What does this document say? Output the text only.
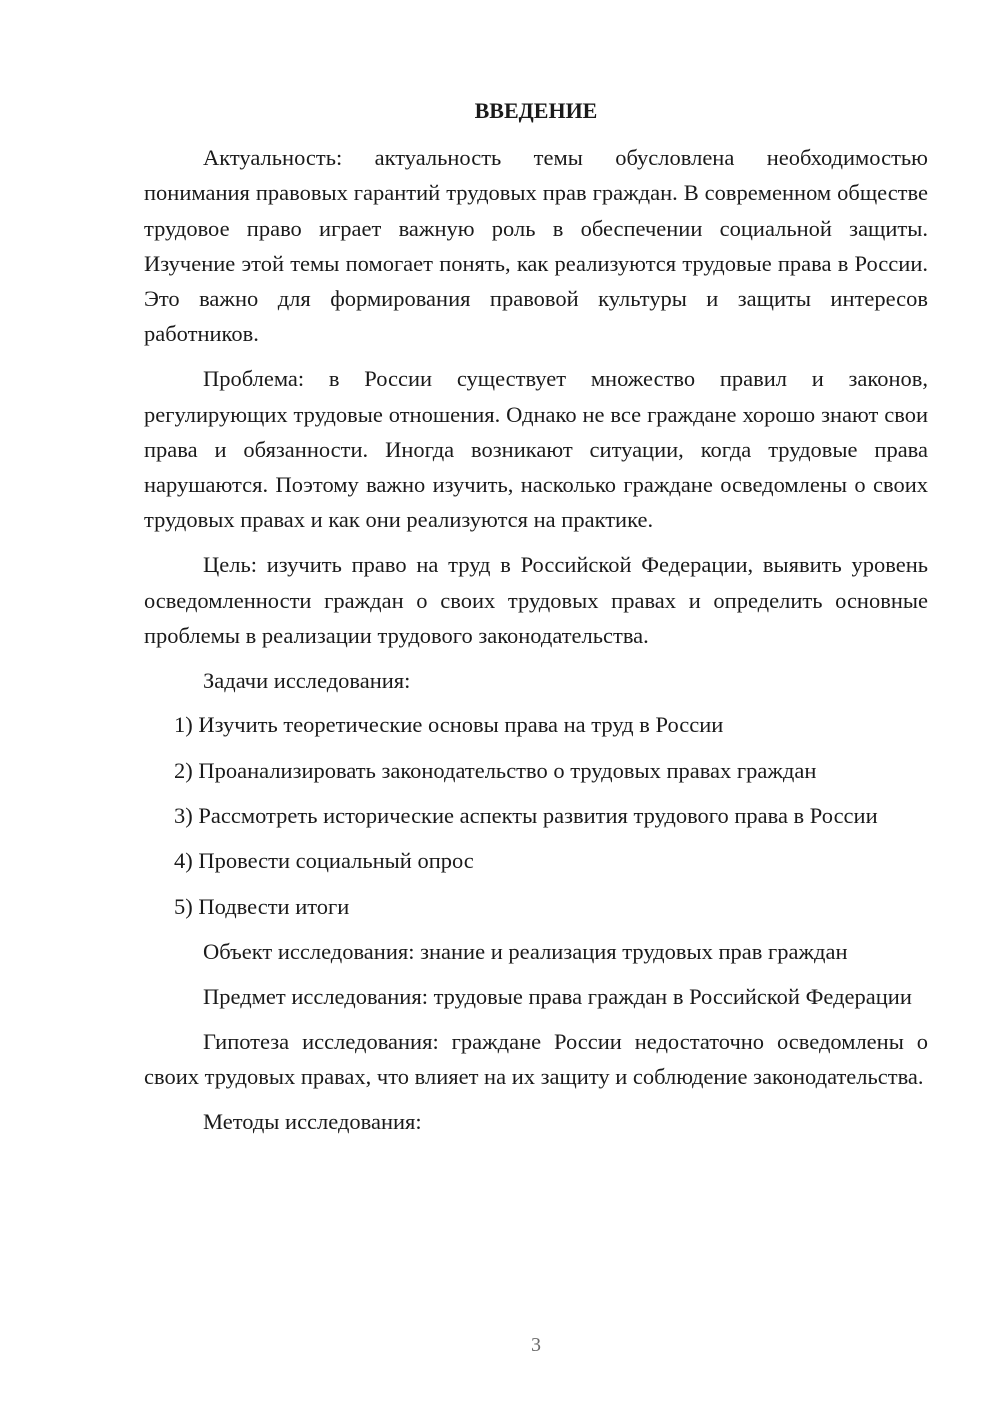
ВВЕДЕНИЕ

Актуальность: актуальность темы обусловлена необходимостью понимания правовых гарантий трудовых прав граждан. В современном обществе трудовое право играет важную роль в обеспечении социальной защиты. Изучение этой темы помогает понять, как реализуются трудовые права в России. Это важно для формирования правовой культуры и защиты интересов работников.

Проблема: в России существует множество правил и законов, регулирующих трудовые отношения. Однако не все граждане хорошо знают свои права и обязанности. Иногда возникают ситуации, когда трудовые права нарушаются. Поэтому важно изучить, насколько граждане осведомлены о своих трудовых правах и как они реализуются на практике.

Цель: изучить право на труд в Российской Федерации, выявить уровень осведомленности граждан о своих трудовых правах и определить основные проблемы в реализации трудового законодательства.

Задачи исследования:

1) Изучить теоретические основы права на труд в России

2) Проанализировать законодательство о трудовых правах граждан

3) Рассмотреть исторические аспекты развития трудового права в России

4) Провести социальный опрос

5) Подвести итоги

Объект исследования: знание и реализация трудовых прав граждан

Предмет исследования: трудовые права граждан в Российской Федерации

Гипотеза исследования: граждане России недостаточно осведомлены о своих трудовых правах, что влияет на их защиту и соблюдение законодательства.

Методы исследования:

3
